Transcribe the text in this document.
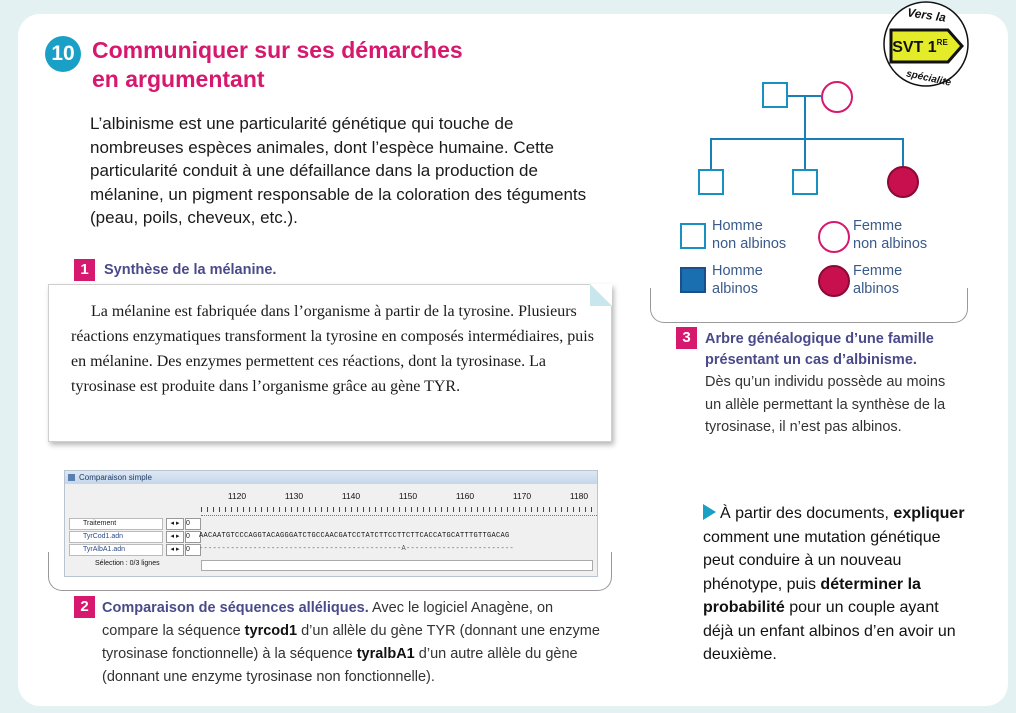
10 Communiquer sur ses démarches
en argumentant

L’albinisme est une particularité génétique qui touche de nombreuses espèces animales, dont l’espèce humaine. Cette particularité conduit à une défaillance dans la production de mélanine, un pigment responsable de la coloration des téguments (peau, poils, cheveux, etc.).

1	Synthèse de la mélanine.

La mélanine est fabriquée dans l’organisme à partir de la tyrosine. Plusieurs réactions enzymatiques transforment la tyrosine en composés intermédiaires, puis en mélanine. Des enzymes permettent ces réactions, dont la tyrosinase. La tyrosinase est produite dans l’organisme grâce au gène TYR.

Comparaison simple
1120	1130	1140	1150	1160	1170	1180
Traitement	◂ ▸ 0
TyrCod1.adn	◂ ▸ 0
TyrAlbA1.adn	◂ ▸ 0
AACAATGTCCCAGGTACAGGGATCTGCCAACGATCCTATCTTCCTTCTTCACCATGCATTTGTTGACAG
---------------------------------------------A------------------------
Sélection : 0/3 lignes
2 Comparaison de séquences alléliques. Avec le logiciel Anagène, on compare la séquence tyrcod1 d’un allèle du gène TYR (donnant une enzyme tyrosinase fonctionnelle) à la séquence tyralbA1 d’un autre allèle du gène (donnant une enzyme tyrosinase non fonctionnelle).

Homme
non albinos
Femme
non albinos
Homme
albinos
Femme
albinos
3 Arbre généalogique d’une famille
présentant un cas d’albinisme.

Dès qu’un individu possède au moins un allèle permettant la synthèse de la tyrosinase, il n’est pas albinos.

À partir des documents, expliquer comment une mutation génétique peut conduire à un nouveau phénotype, puis déterminer la probabilité pour un couple ayant déjà un enfant albinos d’en avoir un deuxième.

SVT 1RE
Vers la
spécialité
